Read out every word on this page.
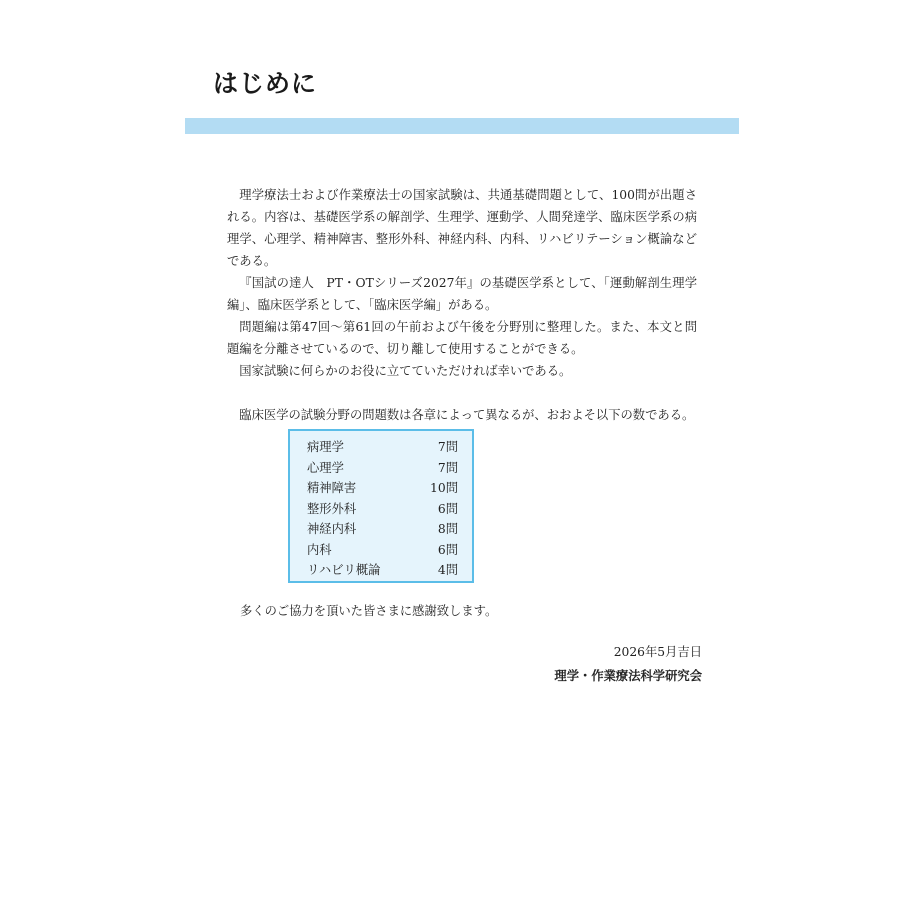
はじめに

理学療法士および作業療法士の国家試験は、共通基礎問題として、100問が出題される。内容は、基礎医学系の解剖学、生理学、運動学、人間発達学、臨床医学系の病理学、心理学、精神障害、整形外科、神経内科、内科、リハビリテーション概論などである。

『国試の達人　PT・OTシリーズ2027年』の基礎医学系として、「運動解剖生理学編」、臨床医学系として、「臨床医学編」がある。

問題編は第47回～第61回の午前および午後を分野別に整理した。また、本文と問題編を分離させているので、切り離して使用することができる。

国家試験に何らかのお役に立てていただければ幸いである。

臨床医学の試験分野の問題数は各章によって異なるが、おおよそ以下の数である。

病理学	7問
心理学	7問
精神障害	10問
整形外科	6問
神経内科	8問
内科	6問
リハビリ概論	4問

多くのご協力を頂いた皆さまに感謝致します。

2026年5月吉日

理学・作業療法科学研究会
